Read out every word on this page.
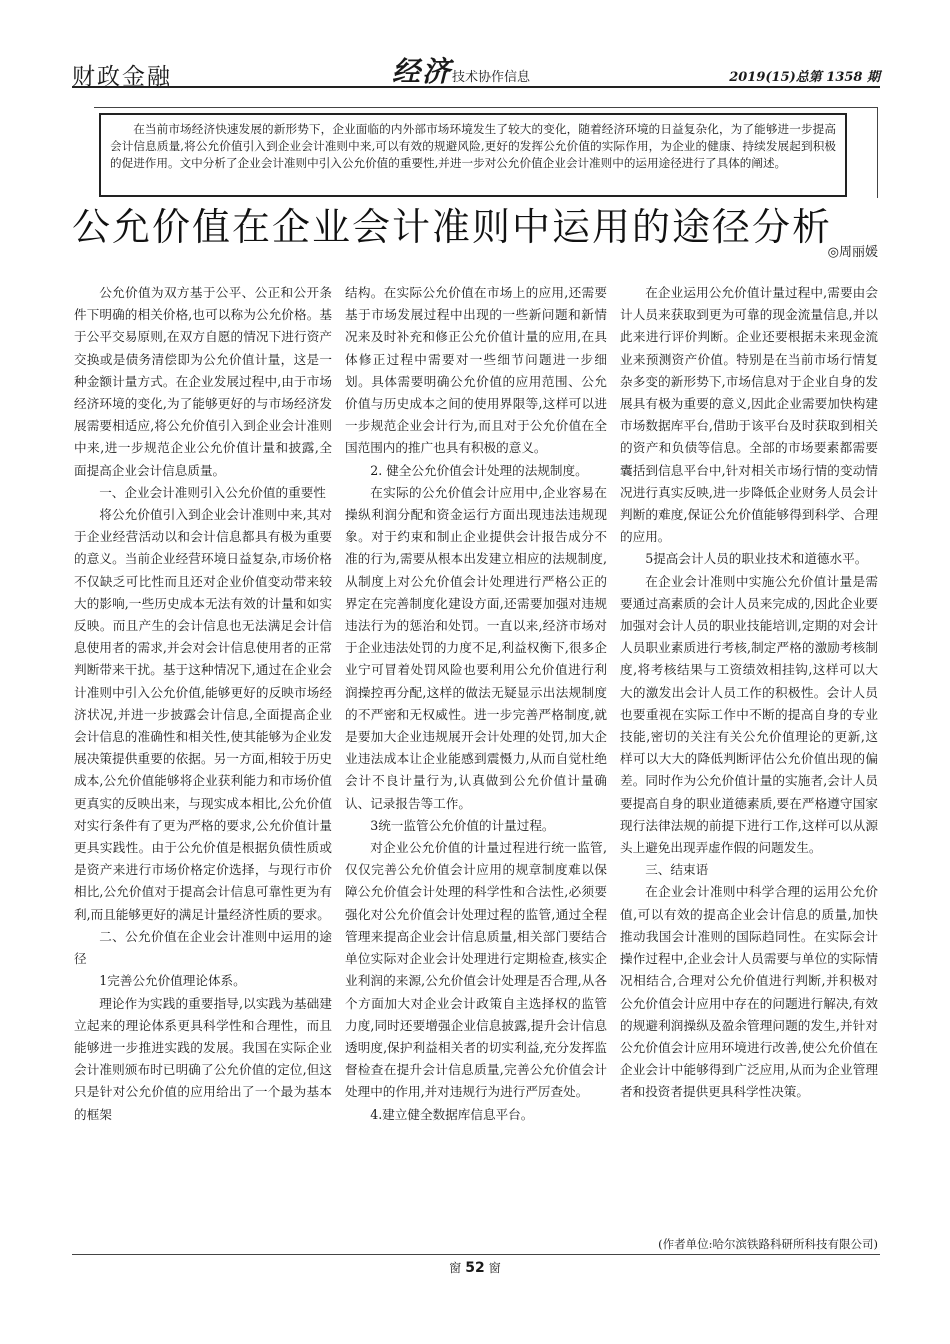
财政金融	经济 技术协作信息	2019(15)总第 1358 期
在当前市场经济快速发展的新形势下，企业面临的内外部市场环境发生了较大的变化，随着经济环境的日益复杂化，为了能够进一步提高会计信息质量,将公允价值引入到企业会计准则中来,可以有效的规避风险,更好的发挥公允价值的实际作用，为企业的健康、持续发展起到积极的促进作用。文中分析了企业会计准则中引入公允价值的重要性,并进一步对公允价值企业会计准则中的运用途径进行了具体的阐述。
公允价值在企业会计准则中运用的途径分析
◎周丽媛

公允价值为双方基于公平、公正和公开条件下明确的相关价格,也可以称为公允价格。基于公平交易原则,在双方自愿的情况下进行资产交换或是债务清偿即为公允价值计量，这是一种金额计量方式。在企业发展过程中,由于市场经济环境的变化,为了能够更好的与市场经济发展需要相适应,将公允价值引入到企业会计准则中来,进一步规范企业公允价值计量和披露,全面提高企业会计信息质量。

一、企业会计准则引入公允价值的重要性

将公允价值引入到企业会计准则中来,其对于企业经营活动以和会计信息都具有极为重要的意义。当前企业经营环境日益复杂,市场价格不仅缺乏可比性而且还对企业价值变动带来较大的影响,一些历史成本无法有效的计量和如实反映。而且产生的会计信息也无法满足会计信息使用者的需求,并会对会计信息使用者的正常判断带来干扰。基于这种情况下,通过在企业会计准则中引入公允价值,能够更好的反映市场经济状况,并进一步披露会计信息,全面提高企业会计信息的准确性和相关性,使其能够为企业发展决策提供重要的依据。另一方面,相较于历史成本,公允价值能够将企业获利能力和市场价值更真实的反映出来，与现实成本相比,公允价值对实行条件有了更为严格的要求,公允价值计量更具实践性。由于公允价值是根据负债性质或是资产来进行市场价格定价选择，与现行市价相比,公允价值对于提高会计信息可靠性更为有利,而且能够更好的满足计量经济性质的要求。

二、公允价值在企业会计准则中运用的途径

1完善公允价值理论体系。

理论作为实践的重要指导,以实践为基础建立起来的理论体系更具科学性和合理性，而且能够进一步推进实践的发展。我国在实际企业会计准则颁布时已明确了公允价值的定位,但这只是针对公允价值的应用给出了一个最为基本的框架

结构。在实际公允价值在市场上的应用,还需要基于市场发展过程中出现的一些新问题和新情况来及时补充和修正公允价值计量的应用,在具体修正过程中需要对一些细节问题进一步细划。具体需要明确公允价值的应用范围、公允价值与历史成本之间的使用界限等,这样可以进一步规范企业会计行为,而且对于公允价值在全国范围内的推广也具有积极的意义。

2. 健全公允价值会计处理的法规制度。

在实际的公允价值会计应用中,企业容易在操纵利润分配和资金运行方面出现违法违规现象。对于约束和制止企业提供会计报告成分不准的行为,需要从根本出发建立相应的法规制度,从制度上对公允价值会计处理进行严格公正的界定在完善制度化建设方面,还需要加强对违规违法行为的惩治和处罚。一直以来,经济市场对于企业违法处罚的力度不足,利益权衡下,很多企业宁可冒着处罚风险也要利用公允价值进行利润操控再分配,这样的做法无疑显示出法规制度的不严密和无权威性。进一步完善严格制度,就是要加大企业违规展开会计处理的处罚,加大企业违法成本让企业能感到震慑力,从而自觉杜绝会计不良计量行为,认真做到公允价值计量确认、记录报告等工作。

3统一监管公允价值的计量过程。

对企业公允价值的计量过程进行统一监管,仅仅完善公允价值会计应用的规章制度难以保障公允价值会计处理的科学性和合法性,必须要强化对公允价值会计处理过程的监管,通过全程管理来提高企业会计信息质量,相关部门要结合单位实际对企业会计处理进行定期检查,核实企业利润的来源,公允价值会计处理是否合理,从各个方面加大对企业会计政策自主选择权的监管力度,同时还要增强企业信息披露,提升会计信息透明度,保护利益相关者的切实利益,充分发挥监督检查在提升会计信息质量,完善公允价值会计处理中的作用,并对违规行为进行严厉查处。

4.建立健全数据库信息平台。

在企业运用公允价值计量过程中,需要由会计人员来获取到更为可靠的现金流量信息,并以此来进行评价判断。企业还要根据未来现金流业来预测资产价值。特别是在当前市场行情复杂多变的新形势下,市场信息对于企业自身的发展具有极为重要的意义,因此企业需要加快构建市场数据库平台,借助于该平台及时获取到相关的资产和负债等信息。全部的市场要素都需要囊括到信息平台中,针对相关市场行情的变动情况进行真实反映,进一步降低企业财务人员会计判断的难度,保证公允价值能够得到科学、合理的应用。

5提高会计人员的职业技术和道德水平。

在企业会计准则中实施公允价值计量是需要通过高素质的会计人员来完成的,因此企业要加强对会计人员的职业技能培训,定期的对会计人员职业素质进行考核,制定严格的激励考核制度,将考核结果与工资绩效相挂钩,这样可以大大的激发出会计人员工作的积极性。会计人员也要重视在实际工作中不断的提高自身的专业技能,密切的关注有关公允价值理论的更新,这样可以大大的降低判断评估公允价值出现的偏差。同时作为公允价值计量的实施者,会计人员要提高自身的职业道德素质,要在严格遵守国家现行法律法规的前提下进行工作,这样可以从源头上避免出现弄虚作假的问题发生。

三、结束语

在企业会计准则中科学合理的运用公允价值,可以有效的提高企业会计信息的质量,加快推动我国会计准则的国际趋同性。在实际会计操作过程中,企业会计人员需要与单位的实际情况相结合,合理对公允价值进行判断,并积极对公允价值会计应用中存在的问题进行解决,有效的规避利润操纵及盈余管理问题的发生,并针对公允价值会计应用环境进行改善,使公允价值在企业会计中能够得到广泛应用,从而为企业管理者和投资者提供更具科学性决策。

(作者单位:哈尔滨铁路科研所科技有限公司)
窗 52 窗
